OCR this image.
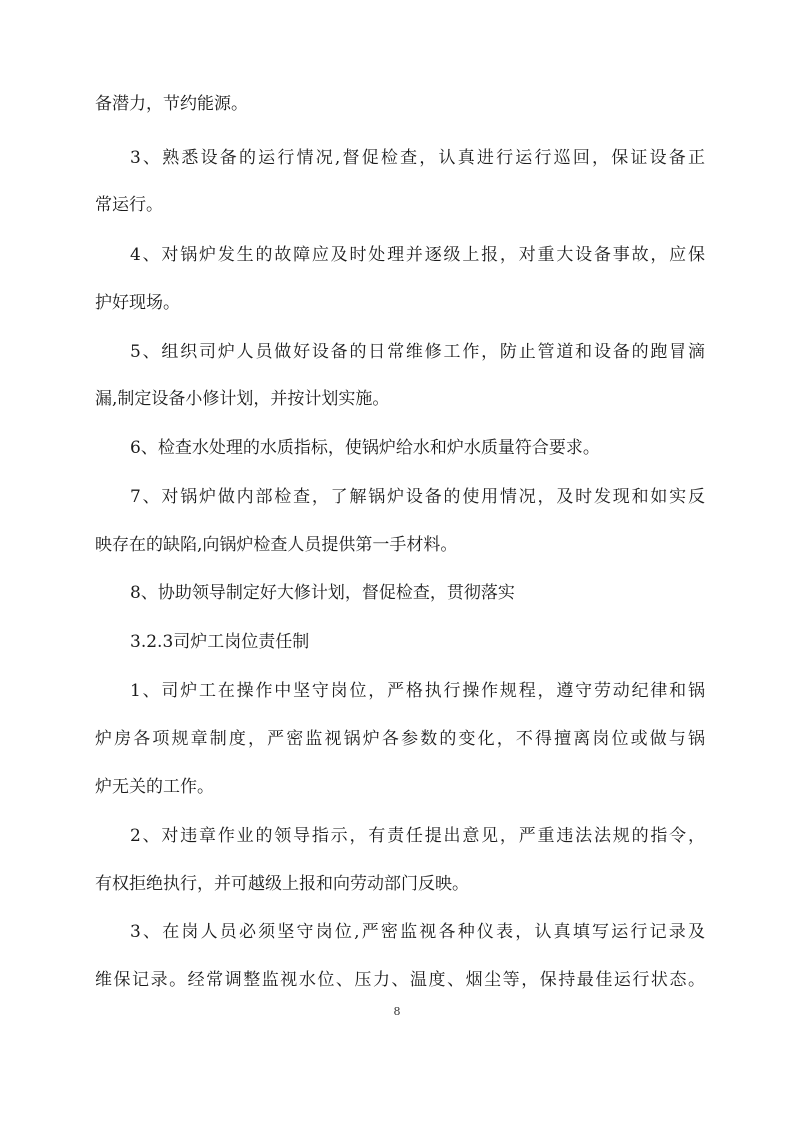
备潜力，节约能源。
3、熟悉设备的运行情况,督促检查，认真进行运行巡回，保证设备正
常运行。
4、对锅炉发生的故障应及时处理并逐级上报，对重大设备事故，应保
护好现场。
5、组织司炉人员做好设备的日常维修工作，防止管道和设备的跑冒滴
漏,制定设备小修计划，并按计划实施。
6、检查水处理的水质指标，使锅炉给水和炉水质量符合要求。
7、对锅炉做内部检查，了解锅炉设备的使用情况，及时发现和如实反
映存在的缺陷,向锅炉检查人员提供第一手材料。
8、协助领导制定好大修计划，督促检查，贯彻落实
3.2.3司炉工岗位责任制
1、司炉工在操作中坚守岗位，严格执行操作规程，遵守劳动纪律和锅
炉房各项规章制度，严密监视锅炉各参数的变化，不得擅离岗位或做与锅
炉无关的工作。
2、对违章作业的领导指示，有责任提出意见，严重违法法规的指令，
有权拒绝执行，并可越级上报和向劳动部门反映。
3、在岗人员必须坚守岗位,严密监视各种仪表，认真填写运行记录及
维保记录。经常调整监视水位、压力、温度、烟尘等，保持最佳运行状态。
8
